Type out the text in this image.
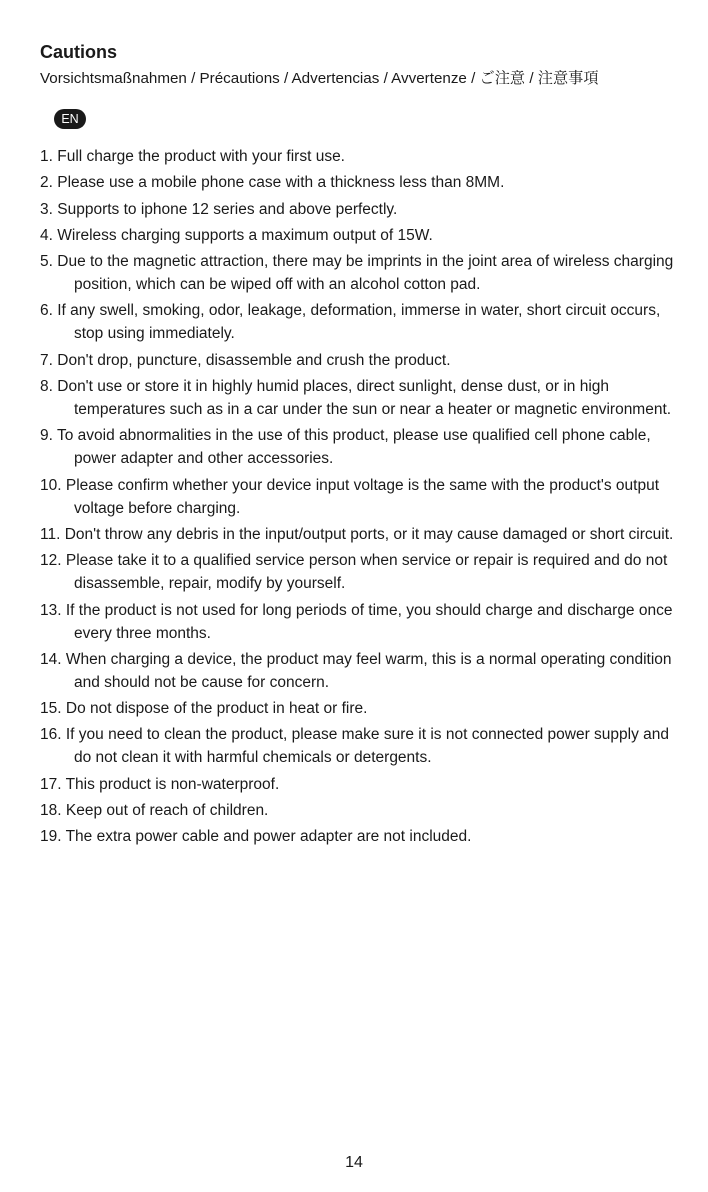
Cautions
Vorsichtsmaßnahmen / Précautions / Advertencias / Avvertenze / ご注意 / 注意事項
EN
1. Full charge the product with your first use.
2. Please use a mobile phone case with a thickness less than 8MM.
3. Supports to iphone 12 series and above perfectly.
4. Wireless charging supports a maximum output of 15W.
5. Due to the magnetic attraction, there may be imprints in the joint area of wireless charging position, which can be wiped off with an alcohol cotton pad.
6. If any swell, smoking, odor, leakage, deformation, immerse in water, short circuit occurs, stop using immediately.
7. Don't drop, puncture, disassemble and crush the product.
8. Don't use or store it in highly humid places, direct sunlight, dense dust, or in high temperatures such as in a car under the sun or near a heater or magnetic environment.
9. To avoid abnormalities in the use of this product, please use qualified cell phone cable, power adapter and other accessories.
10. Please confirm whether your device input voltage is the same with the product's output voltage before charging.
11. Don't throw any debris in the input/output ports, or it may cause damaged or short circuit.
12. Please take it to a qualified service person when service or repair is required and do not disassemble, repair, modify by yourself.
13. If the product is not used for long periods of time, you should charge and discharge once every three months.
14. When charging a device, the product may feel warm, this is a normal operating condition and should not be cause for concern.
15. Do not dispose of the product in heat or fire.
16. If you need to clean the product, please make sure it is not connected power supply and do not clean it with harmful chemicals or detergents.
17. This product is non-waterproof.
18. Keep out of reach of children.
19. The extra power cable and power adapter are not included.
14
